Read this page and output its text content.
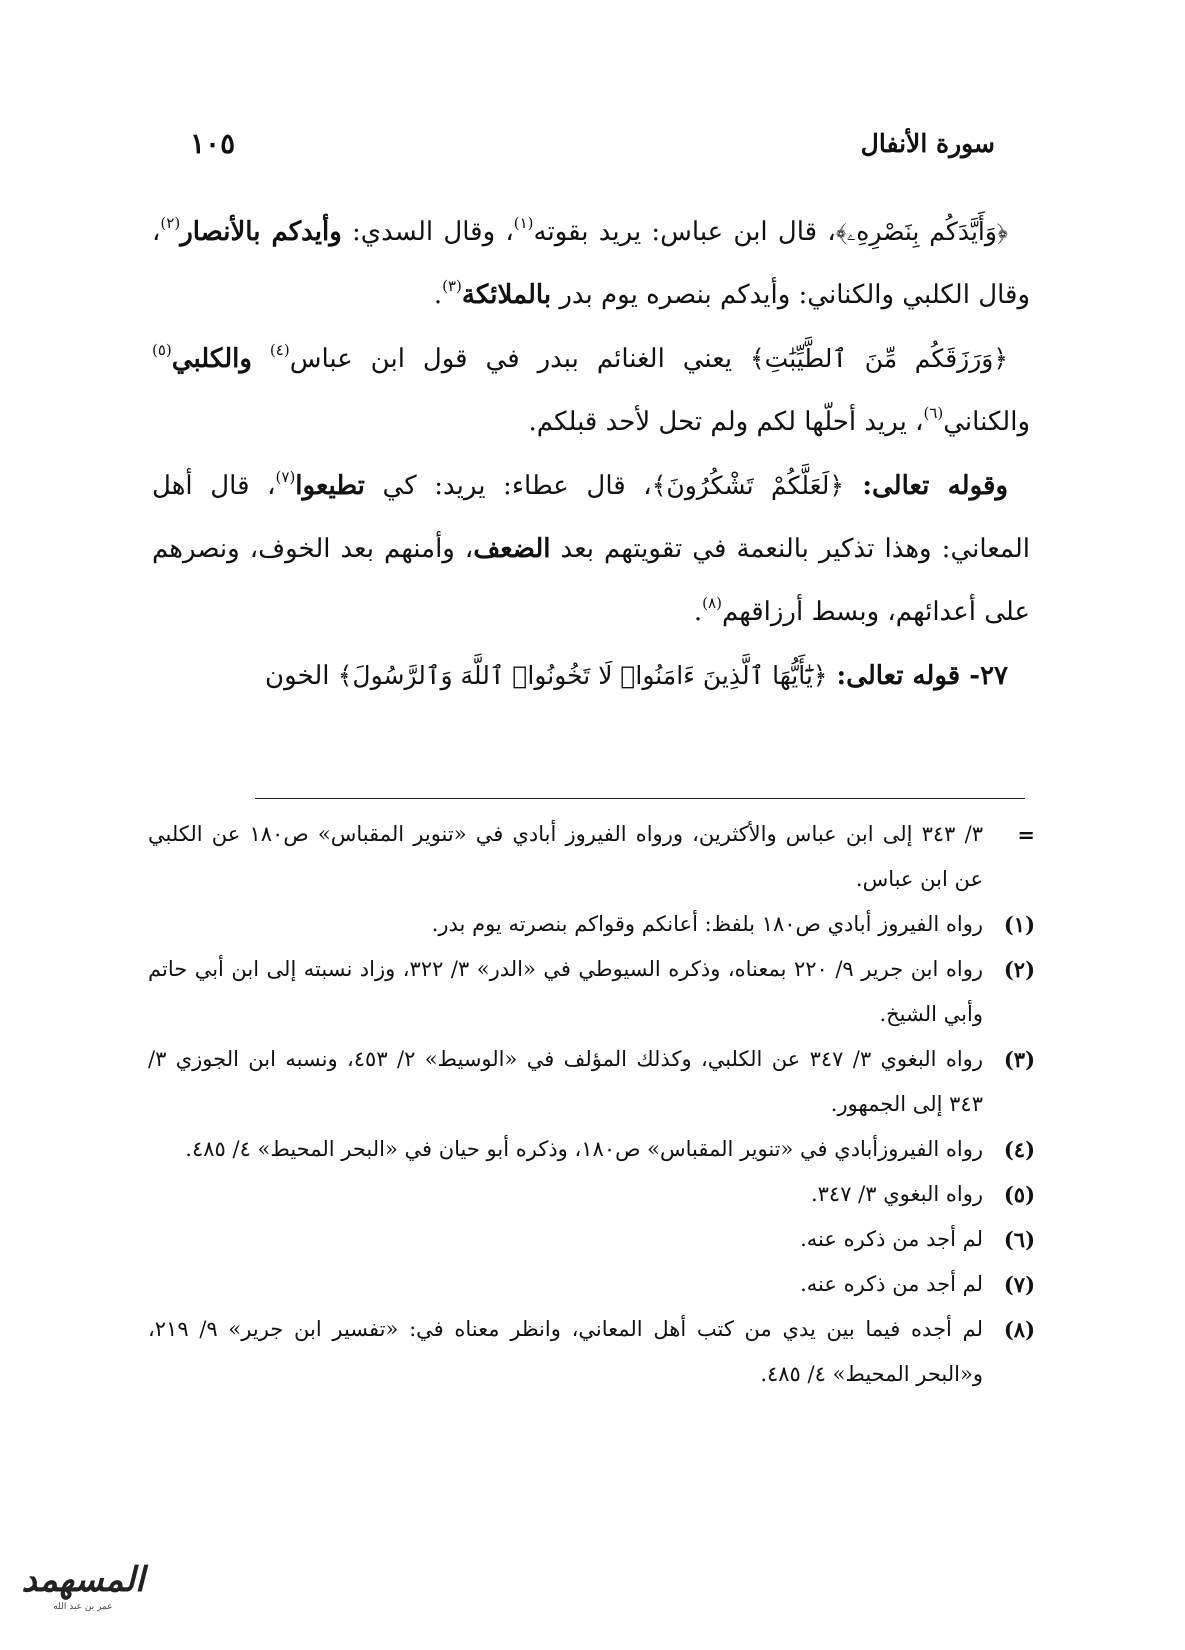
سورة الأنفال
١٠٥

﴿وَأَيَّدَكُم بِنَصْرِهِۦ﴾، قال ابن عباس: يريد بقوته$^{(١)}$، وقال السدي: وأيدكم بالأنصار$^{(٢)}$، وقال الكلبي والكناني: وأيدكم بنصره يوم بدر بالملائكة$^{(٣)}$.

﴿وَرَزَقَكُم مِّنَ ٱلطَّيِّبَٰتِ﴾ يعني الغنائم ببدر في قول ابن عباس$^{(٤)}$ والكلبي$^{(٥)}$ والكناني$^{(٦)}$، يريد أحلّها لكم ولم تحل لأحد قبلكم.

وقوله تعالى: ﴿لَعَلَّكُمْ تَشْكُرُونَ﴾، قال عطاء: يريد: كي تطيعوا$^{(٧)}$، قال أهل المعاني: وهذا تذكير بالنعمة في تقويتهم بعد الضعف، وأمنهم بعد الخوف، ونصرهم على أعدائهم، وبسط أرزاقهم$^{(٨)}$.

٢٧- قوله تعالى: ﴿يَٰٓأَيُّهَا ٱلَّذِينَ ءَامَنُوا۟ لَا تَخُونُوا۟ ٱللَّهَ وَٱلرَّسُولَ﴾ الخون

=
٣/ ٣٤٣ إلى ابن عباس والأكثرين، ورواه الفيروز أبادي في «تنوير المقباس» ص١٨٠ عن الكلبي عن ابن عباس.
(١)
رواه الفيروز أبادي ص١٨٠ بلفظ: أعانكم وقواكم بنصرته يوم بدر.
(٢)
رواه ابن جرير ٩/ ٢٢٠ بمعناه، وذكره السيوطي في «الدر» ٣/ ٣٢٢، وزاد نسبته إلى ابن أبي حاتم وأبي الشيخ.
(٣)
رواه البغوي ٣/ ٣٤٧ عن الكلبي، وكذلك المؤلف في «الوسيط» ٢/ ٤٥٣، ونسبه ابن الجوزي ٣/ ٣٤٣ إلى الجمهور.
(٤)
رواه الفيروزأبادي في «تنوير المقباس» ص١٨٠، وذكره أبو حيان في «البحر المحيط» ٤/ ٤٨٥.
(٥)
رواه البغوي ٣/ ٣٤٧.
(٦)
لم أجد من ذكره عنه.
(٧)
لم أجد من ذكره عنه.
(٨)
لم أجده فيما بين يدي من كتب أهل المعاني، وانظر معناه في: «تفسير ابن جرير» ٩/ ٢١٩، و«البحر المحيط» ٤/ ٤٨٥.
المسهمد
عمر بن عبد الله
